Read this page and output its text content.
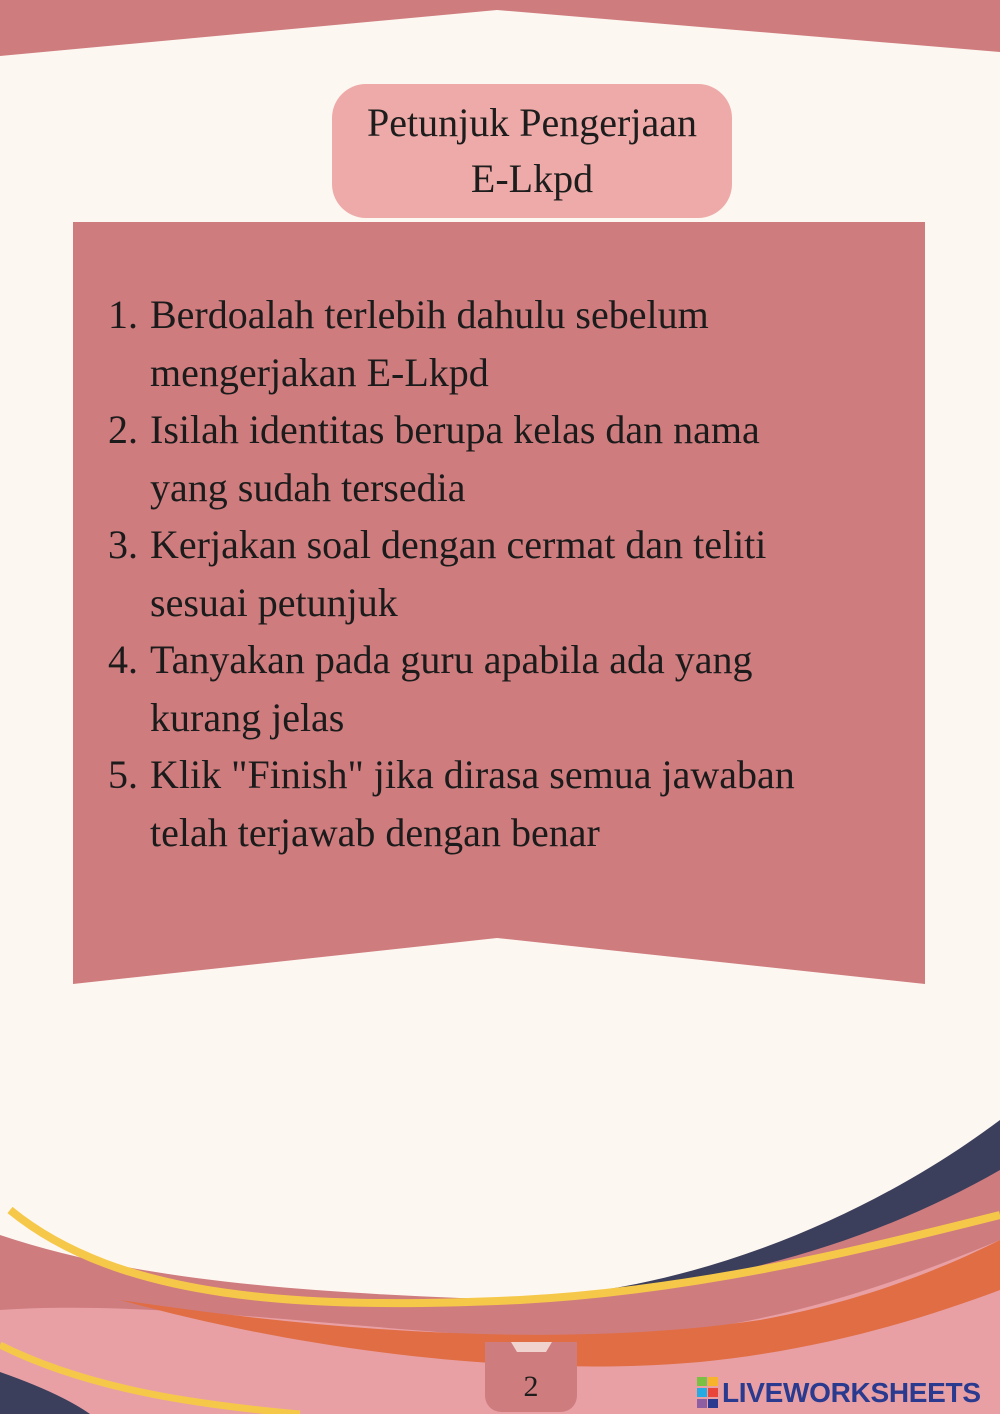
Petunjuk Pengerjaan
E-Lkpd
1. Berdoalah terlebih dahulu sebelum
mengerjakan E-Lkpd
2. Isilah identitas berupa kelas dan nama
yang sudah tersedia
3. Kerjakan soal dengan cermat dan teliti
sesuai petunjuk
4. Tanyakan pada guru apabila ada yang
kurang jelas
5. Klik "Finish" jika dirasa semua jawaban
telah terjawab dengan benar
2	LIVEWORKSHEETS
